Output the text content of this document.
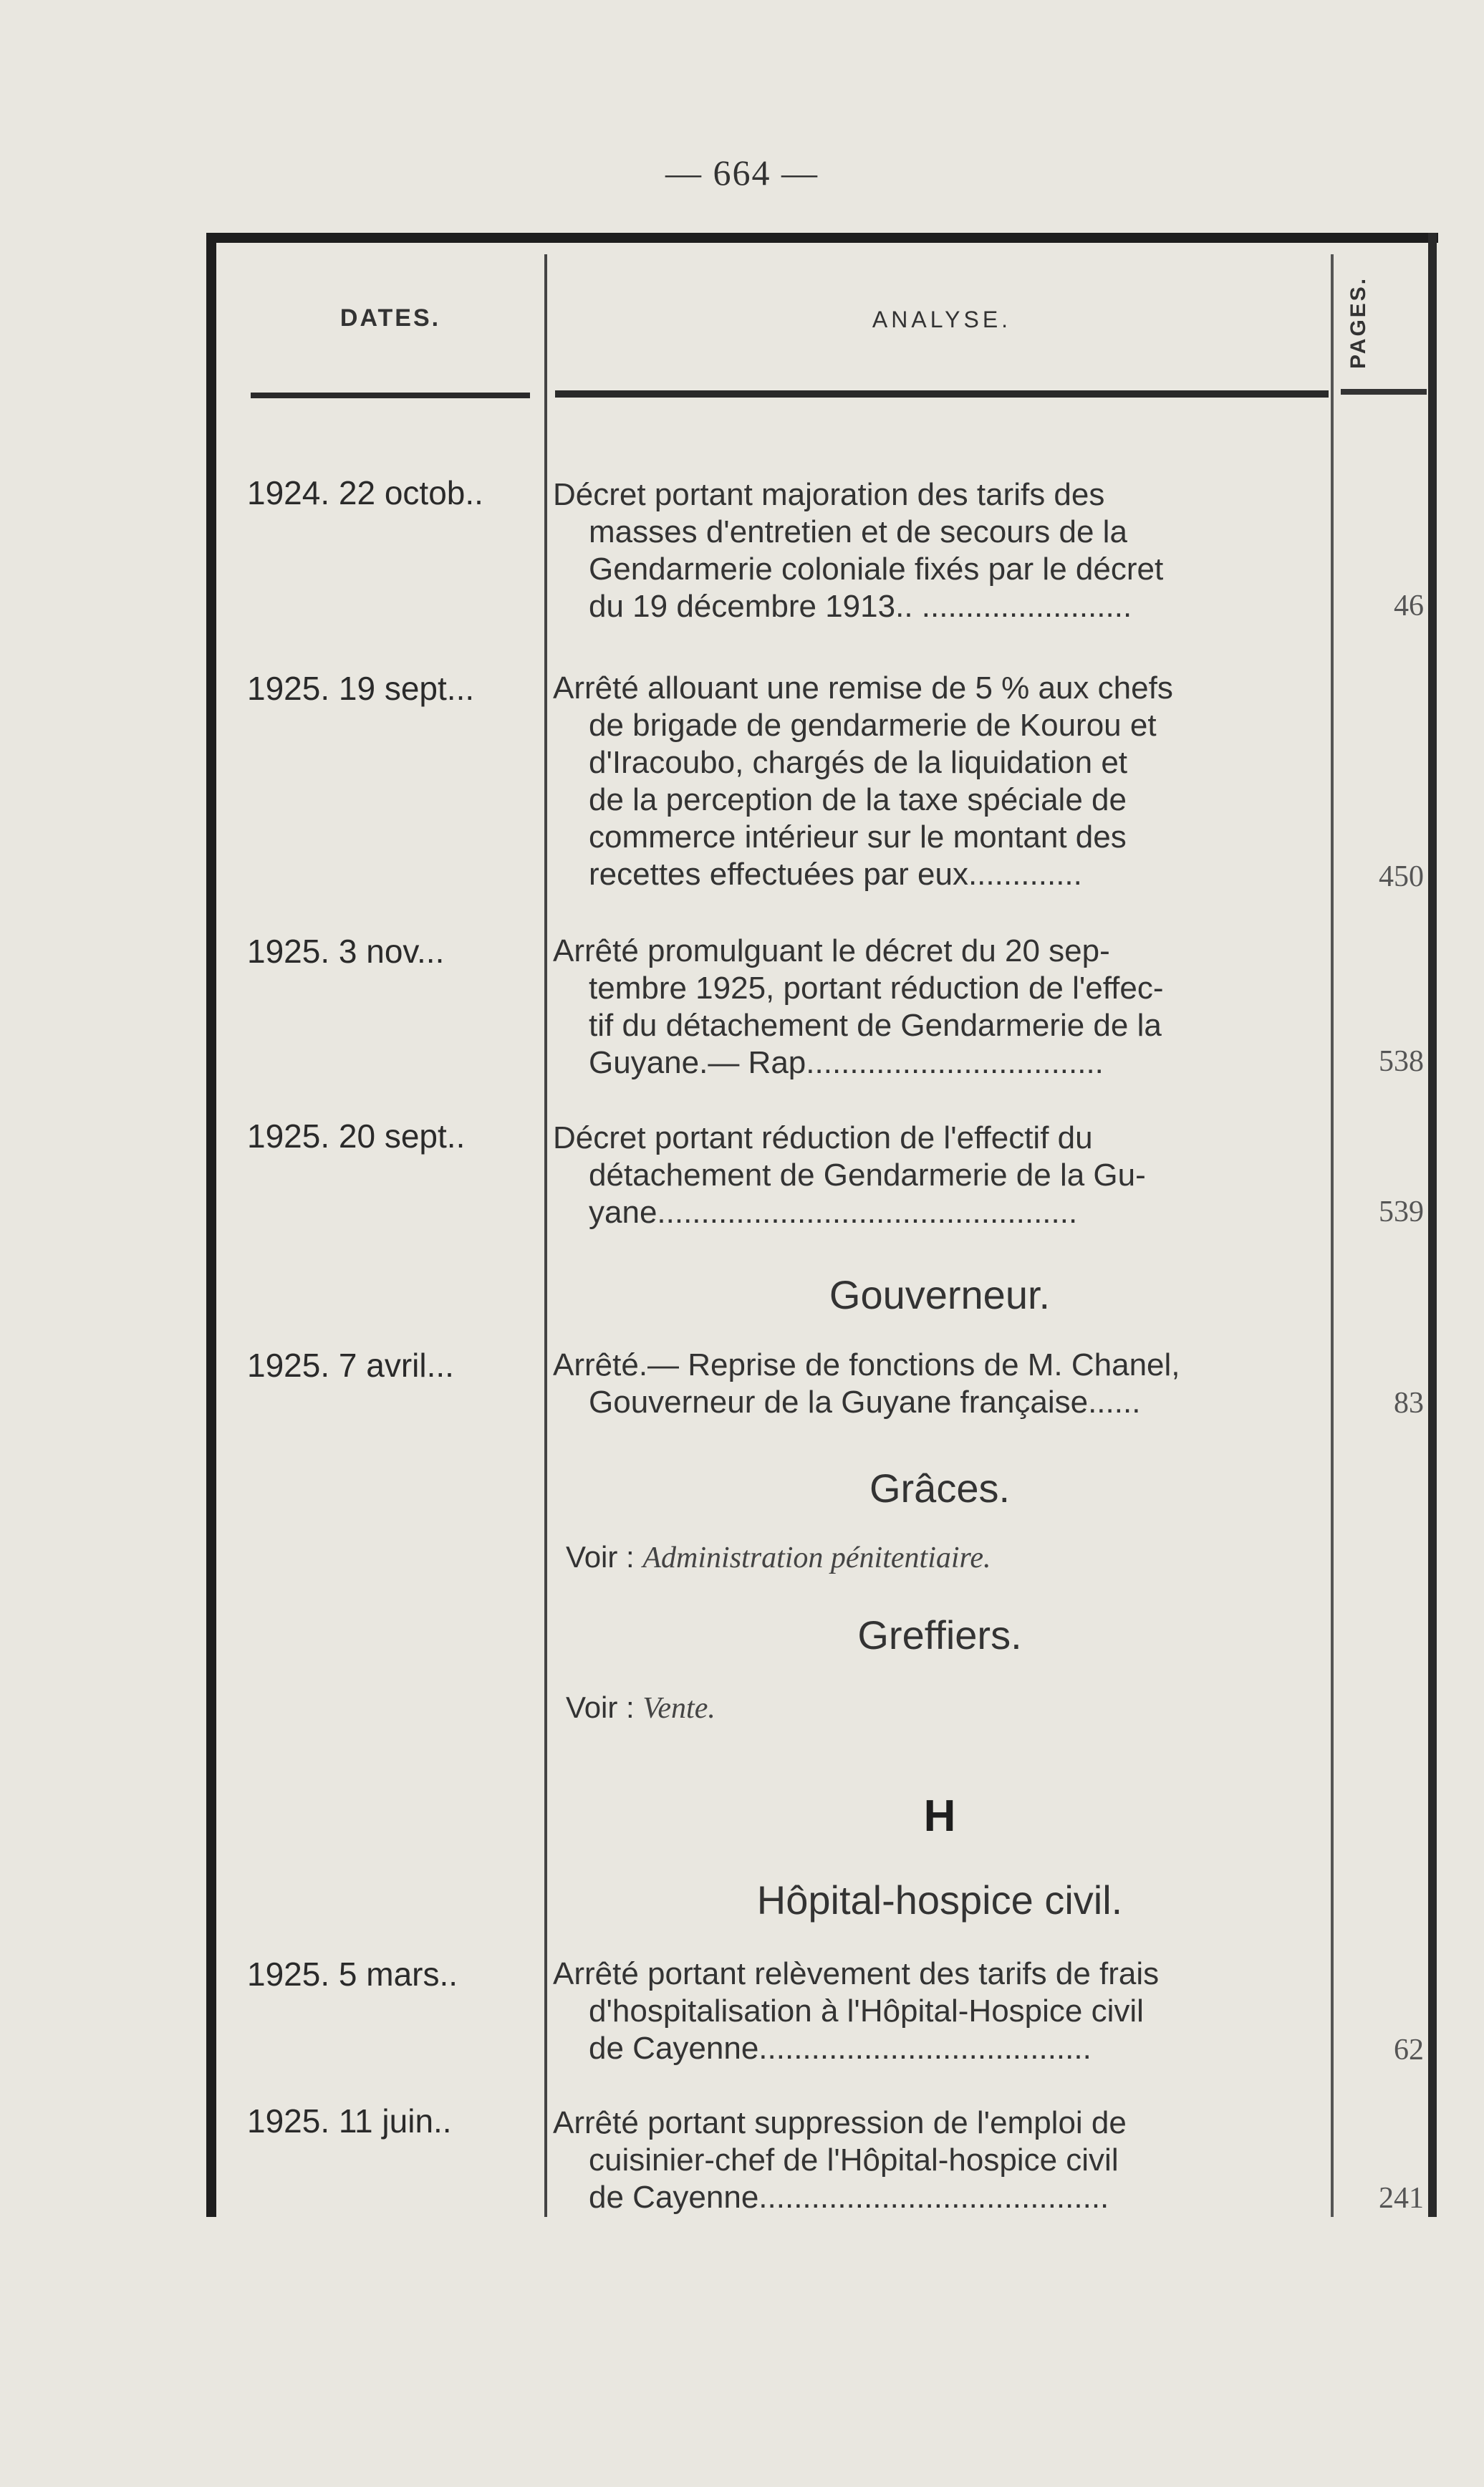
— 664 —
DATES.	ANALYSE.	PAGES.
1924. 22 octob..	Décret portant majoration des tarifs des
masses d'entretien et de secours de la
Gendarmerie coloniale fixés par le décret
du 19 décembre 1913.. ........................	46
1925. 19 sept...	Arrêté allouant une remise de 5 % aux chefs
de brigade de gendarmerie de Kourou et
d'Iracoubo, chargés de la liquidation et
de la perception de la taxe spéciale de
commerce intérieur sur le montant des
recettes effectuées par eux.............	450
1925. 3 nov...	Arrêté promulguant le décret du 20 sep-
tembre 1925, portant réduction de l'effec-
tif du détachement de Gendarmerie de la
Guyane.— Rap..................................	538
1925. 20 sept..	Décret portant réduction de l'effectif du
détachement de Gendarmerie de la Gu-
yane................................................	539
Gouverneur.
1925. 7 avril...	Arrêté.— Reprise de fonctions de M. Chanel,
Gouverneur de la Guyane française......	83
Grâces.
Voir : Administration pénitentiaire.
Greffiers.
Voir : Vente.
H
Hôpital-hospice civil.
1925. 5 mars..	Arrêté portant relèvement des tarifs de frais
d'hospitalisation à l'Hôpital-Hospice civil
de Cayenne......................................	62
1925. 11 juin..	Arrêté portant suppression de l'emploi de
cuisinier-chef de l'Hôpital-hospice civil
de Cayenne........................................	241
